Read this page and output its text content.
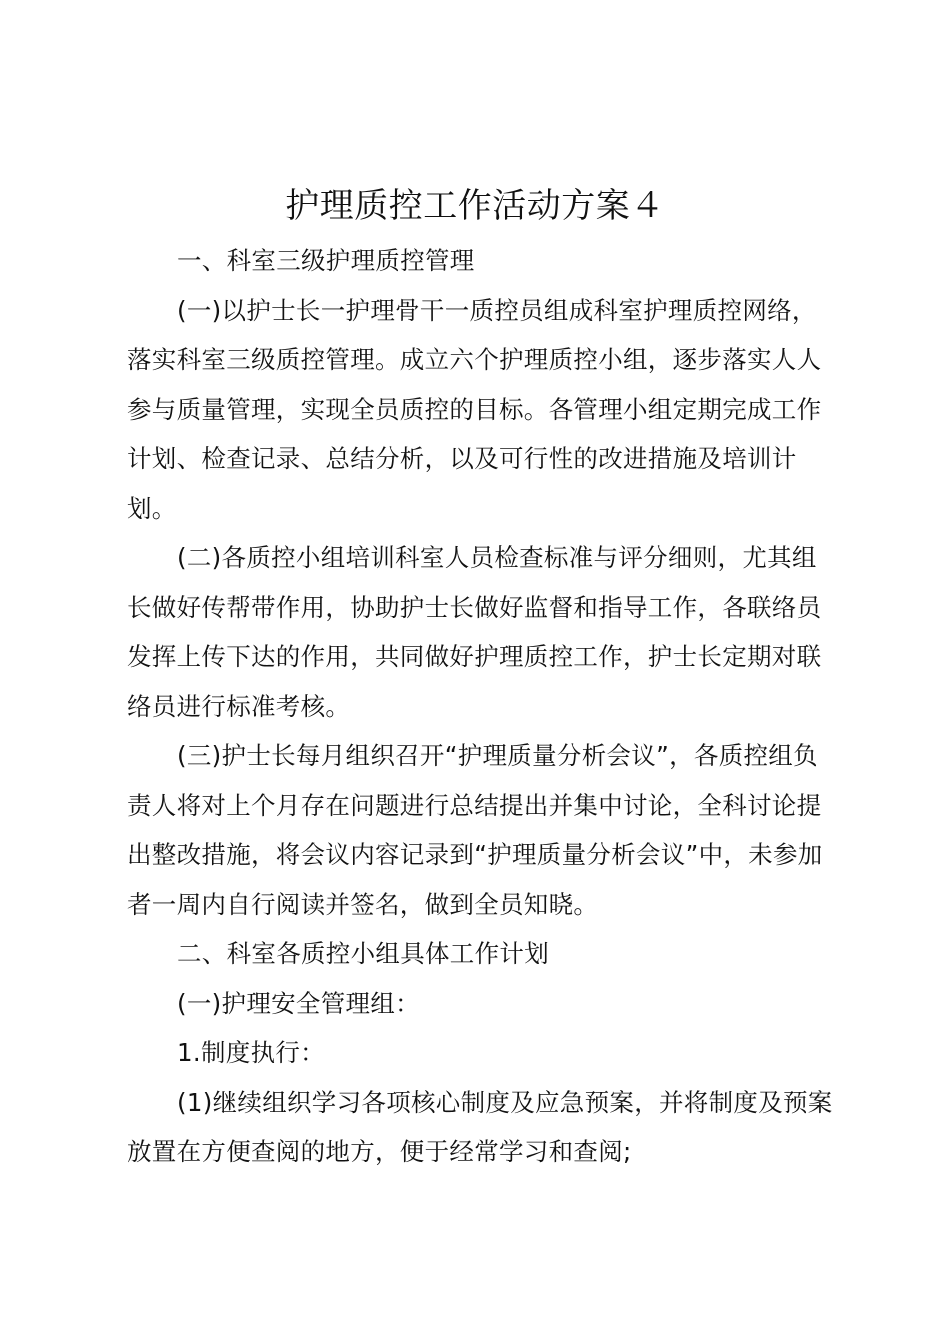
护理质控工作活动方案４

一、科室三级护理质控管理

(一)以护士长一护理骨干一质控员组成科室护理质控网络，落实科室三级质控管理。成立六个护理质控小组，逐步落实人人参与质量管理，实现全员质控的目标。各管理小组定期完成工作计划、检查记录、总结分析，以及可行性的改进措施及培训计划。

(二)各质控小组培训科室人员检查标准与评分细则，尤其组长做好传帮带作用，协助护士长做好监督和指导工作，各联络员发挥上传下达的作用，共同做好护理质控工作，护士长定期对联络员进行标准考核。

(三)护士长每月组织召开“护理质量分析会议”，各质控组负责人将对上个月存在问题进行总结提出并集中讨论，全科讨论提出整改措施，将会议内容记录到“护理质量分析会议”中，未参加者一周内自行阅读并签名，做到全员知晓。

二、科室各质控小组具体工作计划

(一)护理安全管理组：

1.制度执行：

(1)继续组织学习各项核心制度及应急预案，并将制度及预案放置在方便查阅的地方，便于经常学习和查阅;
